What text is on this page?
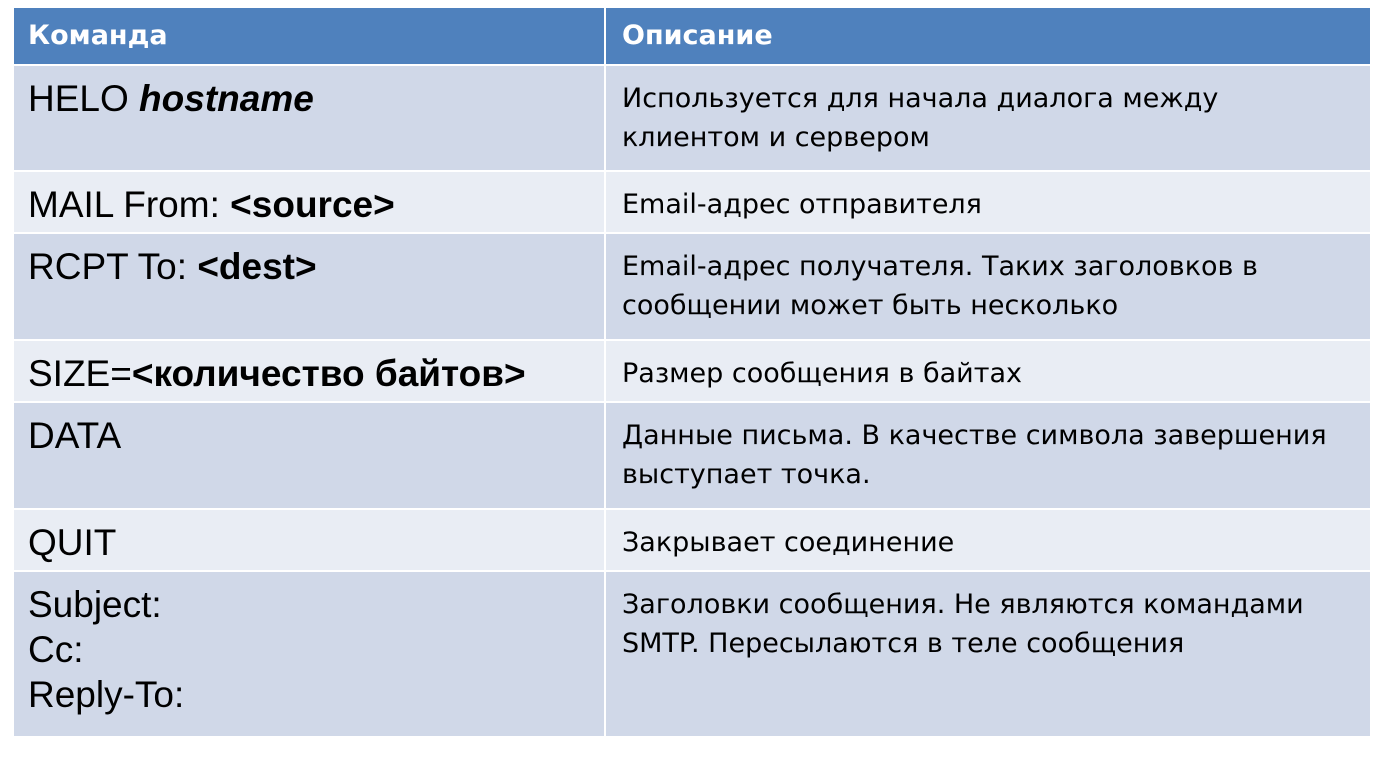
Команда	Описание
HELO hostname	Используется для начала диалога между клиентом и сервером
MAIL From: <source>	Email-адрес отправителя
RCPT To: <dest>	Email-адрес получателя. Таких заголовков в сообщении может быть несколько
SIZE=<количество байтов>	Размер сообщения в байтах
DATA	Данные письма. В качестве символа завершения выступает точка.
QUIT	Закрывает соединение

Subject:
Cc:
Reply-To:	Заголовки сообщения. Не являются командами SMTP. Пересылаются в теле сообщения
